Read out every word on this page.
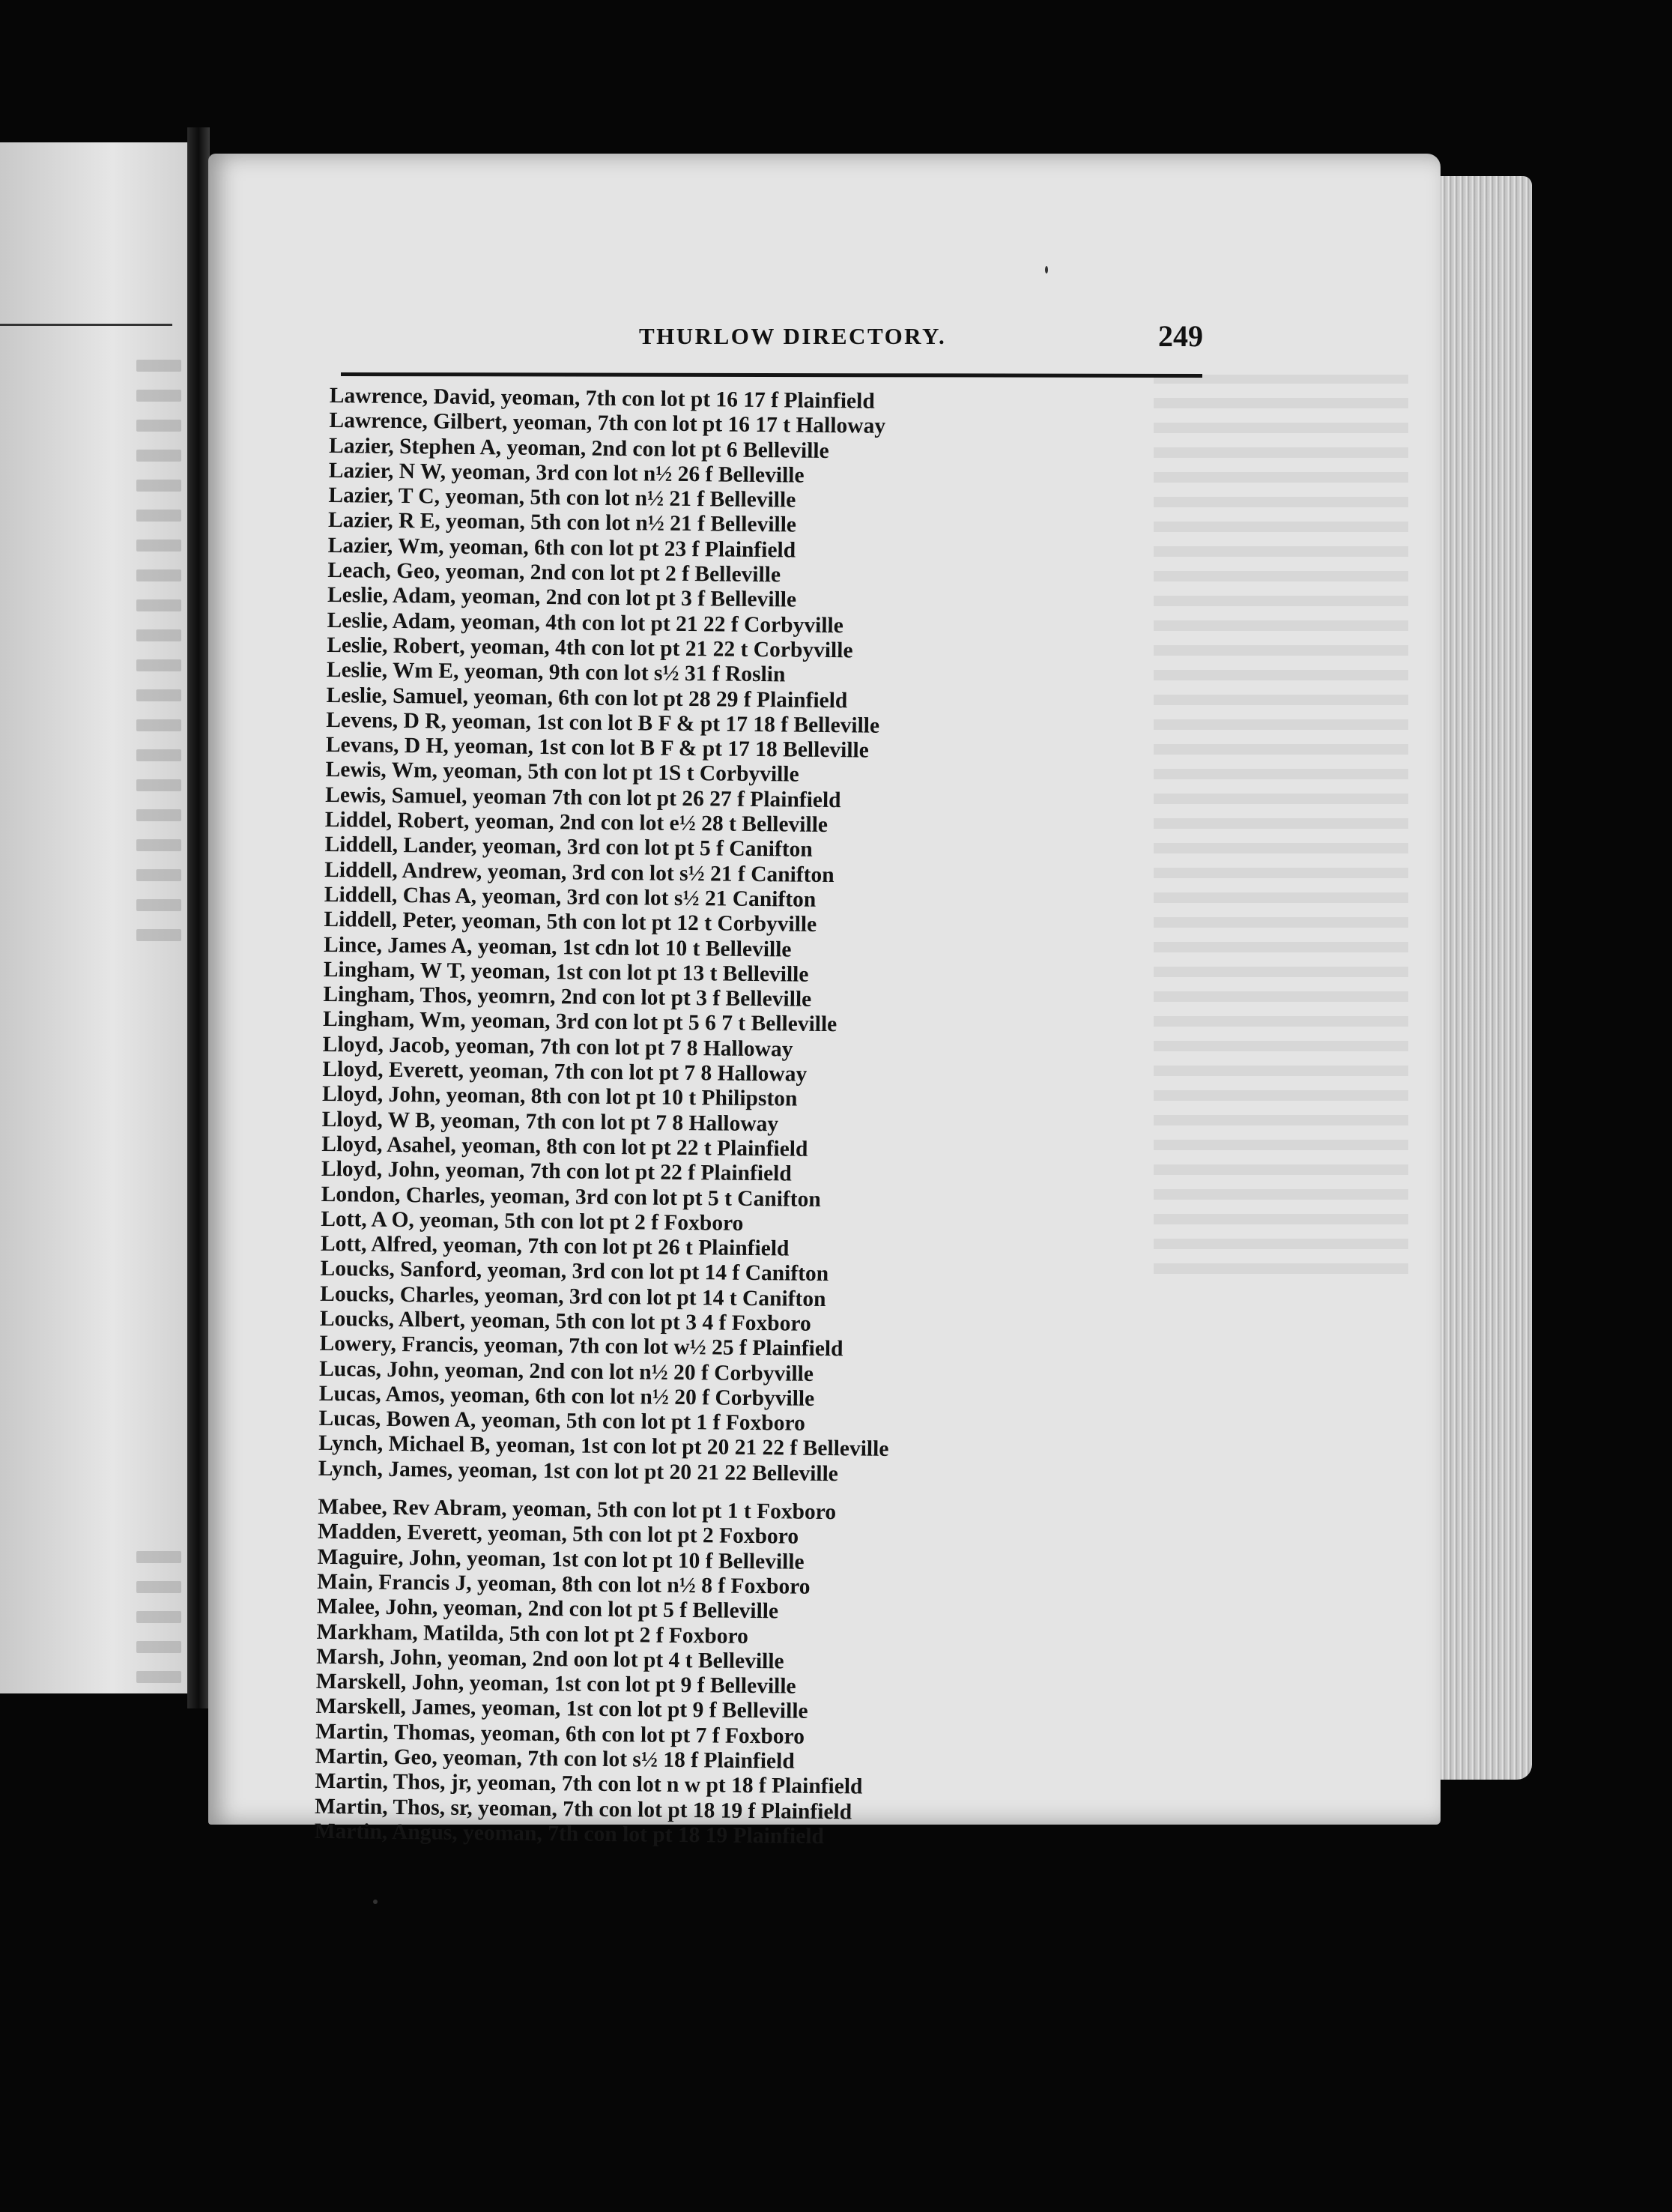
THURLOW DIRECTORY.	249
Lawrence, David, yeoman, 7th con lot pt 16 17 f Plainfield
Lawrence, Gilbert, yeoman, 7th con lot pt 16 17 t Halloway
Lazier, Stephen A, yeoman, 2nd con lot pt 6 Belleville
Lazier, N W, yeoman, 3rd con lot n½ 26 f Belleville
Lazier, T C, yeoman, 5th con lot n½ 21 f Belleville
Lazier, R E, yeoman, 5th con lot n½ 21 f Belleville
Lazier, Wm, yeoman, 6th con lot pt 23 f Plainfield
Leach, Geo, yeoman, 2nd con lot pt 2 f Belleville
Leslie, Adam, yeoman, 2nd con lot pt 3 f Belleville
Leslie, Adam, yeoman, 4th con lot pt 21 22 f Corbyville
Leslie, Robert, yeoman, 4th con lot pt 21 22 t Corbyville
Leslie, Wm E, yeoman, 9th con lot s½ 31 f Roslin
Leslie, Samuel, yeoman, 6th con lot pt 28 29 f Plainfield
Levens, D R, yeoman, 1st con lot B F & pt 17 18 f Belleville
Levans, D H, yeoman, 1st con lot B F & pt 17 18 Belleville
Lewis, Wm, yeoman, 5th con lot pt 1S t Corbyville
Lewis, Samuel, yeoman 7th con lot pt 26 27 f Plainfield
Liddel, Robert, yeoman, 2nd con lot e½ 28 t Belleville
Liddell, Lander, yeoman, 3rd con lot pt 5 f Canifton
Liddell, Andrew, yeoman, 3rd con lot s½ 21 f Canifton
Liddell, Chas A, yeoman, 3rd con lot s½ 21 Canifton
Liddell, Peter, yeoman, 5th con lot pt 12 t Corbyville
Lince, James A, yeoman, 1st cdn lot 10 t Belleville
Lingham, W T, yeoman, 1st con lot pt 13 t Belleville
Lingham, Thos, yeomrn, 2nd con lot pt 3 f Belleville
Lingham, Wm, yeoman, 3rd con lot pt 5 6 7 t Belleville
Lloyd, Jacob, yeoman, 7th con lot pt 7 8 Halloway
Lloyd, Everett, yeoman, 7th con lot pt 7 8 Halloway
Lloyd, John, yeoman, 8th con lot pt 10 t Philipston
Lloyd, W B, yeoman, 7th con lot pt 7 8 Halloway
Lloyd, Asahel, yeoman, 8th con lot pt 22 t Plainfield
Lloyd, John, yeoman, 7th con lot pt 22 f Plainfield
London, Charles, yeoman, 3rd con lot pt 5 t Canifton
Lott, A O, yeoman, 5th con lot pt 2 f Foxboro
Lott, Alfred, yeoman, 7th con lot pt 26 t Plainfield
Loucks, Sanford, yeoman, 3rd con lot pt 14 f Canifton
Loucks, Charles, yeoman, 3rd con lot pt 14 t Canifton
Loucks, Albert, yeoman, 5th con lot pt 3 4 f Foxboro
Lowery, Francis, yeoman, 7th con lot w½ 25 f Plainfield
Lucas, John, yeoman, 2nd con lot n½ 20 f Corbyville
Lucas, Amos, yeoman, 6th con lot n½ 20 f Corbyville
Lucas, Bowen A, yeoman, 5th con lot pt 1 f Foxboro
Lynch, Michael B, yeoman, 1st con lot pt 20 21 22 f Belleville
Lynch, James, yeoman, 1st con lot pt 20 21 22 Belleville
Mabee, Rev Abram, yeoman, 5th con lot pt 1 t Foxboro
Madden, Everett, yeoman, 5th con lot pt 2 Foxboro
Maguire, John, yeoman, 1st con lot pt 10 f Belleville
Main, Francis J, yeoman, 8th con lot n½ 8 f Foxboro
Malee, John, yeoman, 2nd con lot pt 5 f Belleville
Markham, Matilda, 5th con lot pt 2 f Foxboro
Marsh, John, yeoman, 2nd oon lot pt 4 t Belleville
Marskell, John, yeoman, 1st con lot pt 9 f Belleville
Marskell, James, yeoman, 1st con lot pt 9 f Belleville
Martin, Thomas, yeoman, 6th con lot pt 7 f Foxboro
Martin, Geo, yeoman, 7th con lot s½ 18 f Plainfield
Martin, Thos, jr, yeoman, 7th con lot n w pt 18 f Plainfield
Martin, Thos, sr, yeoman, 7th con lot pt 18 19 f Plainfield
Martin, Angus, yeoman, 7th con lot pt 18 19 Plainfield
